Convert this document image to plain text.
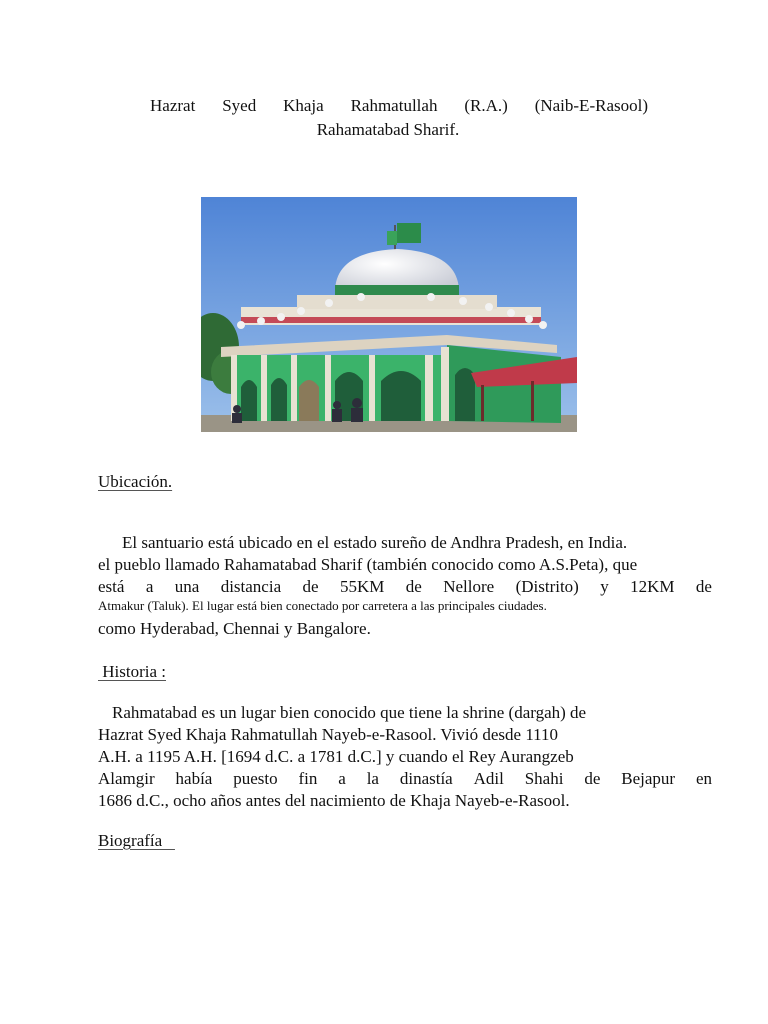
Hazrat Syed Khaja Rahmatullah (R.A.) (Naib-E-Rasool)
Rahamatabad Sharif.
Ubicación.
El santuario está ubicado en el estado sureño de Andhra Pradesh, en India.
el pueblo llamado Rahamatabad Sharif (también conocido como A.S.Peta), que
está a una distancia de 55KM de Nellore (Distrito) y 12KM de
Atmakur (Taluk). El lugar está bien conectado por carretera a las principales ciudades.
como Hyderabad, Chennai y Bangalore.
Historia :
Rahmatabad es un lugar bien conocido que tiene la shrine (dargah) de
Hazrat Syed Khaja Rahmatullah Nayeb-e-Rasool. Vivió desde 1110
A.H. a 1195 A.H. [1694 d.C. a 1781 d.C.] y cuando el Rey Aurangzeb
Alamgir había puesto fin a la dinastía Adil Shahi de Bejapur en
1686 d.C., ocho años antes del nacimiento de Khaja Nayeb-e-Rasool.
Biografía
